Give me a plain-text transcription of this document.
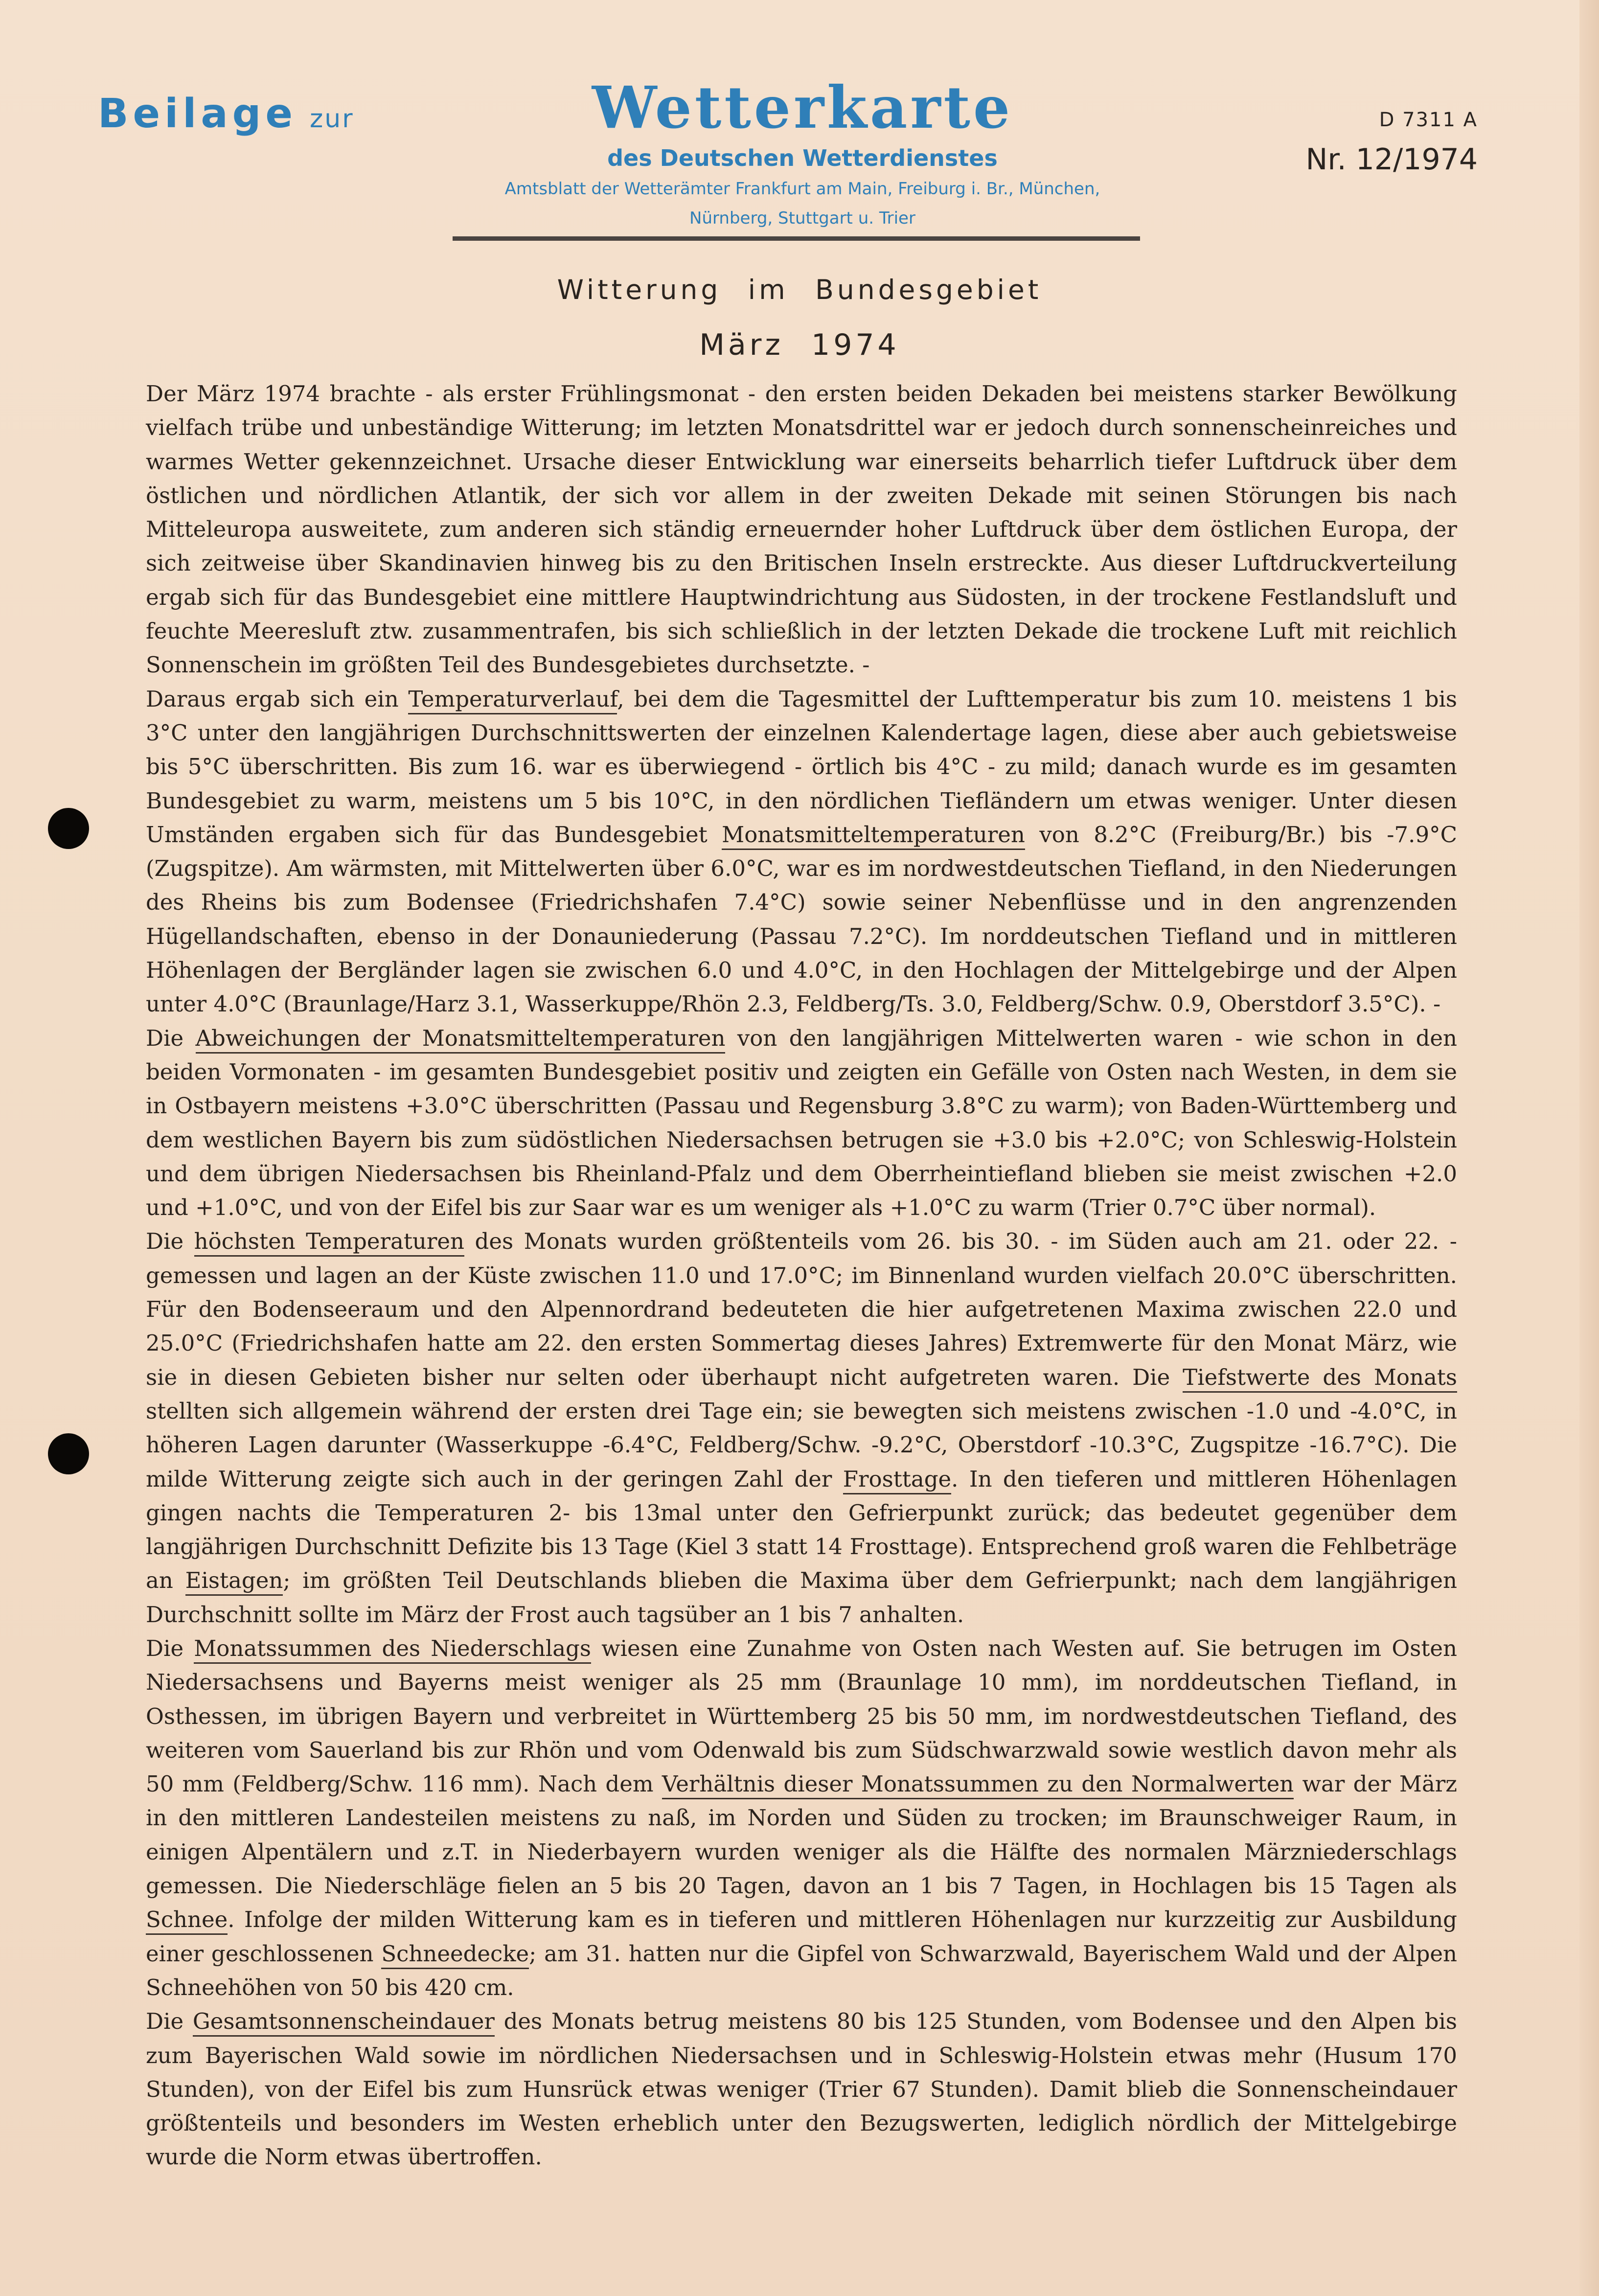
Beilage zur	Wetterkarte
des Deutschen Wetterdienstes
Amtsblatt der Wetterämter Frankfurt am Main, Freiburg i. Br., München,
Nürnberg, Stuttgart u. Trier
D 7311 A
Nr. 12/1974
Witterung im Bundesgebiet
März 1974

Der März 1974 brachte - als erster Frühlingsmonat - den ersten beiden Dekaden bei meistens starker Bewölkung vielfach trübe und unbeständige Witterung; im letzten Monatsdrittel war er jedoch durch sonnenscheinreiches und warmes Wetter gekennzeichnet. Ursache dieser Entwicklung war einerseits beharrlich tiefer Luftdruck über dem östlichen und nördlichen Atlantik, der sich vor allem in der zweiten Dekade mit seinen Störungen bis nach Mitteleuropa ausweitete, zum anderen sich ständig erneuernder hoher Luftdruck über dem östlichen Europa, der sich zeitweise über Skandinavien hinweg bis zu den Britischen Inseln erstreckte. Aus dieser Luftdruckverteilung ergab sich für das Bundesgebiet eine mittlere Hauptwindrichtung aus Südosten, in der trockene Festlandsluft und feuchte Meeresluft ztw. zusammentrafen, bis sich schließlich in der letzten Dekade die trockene Luft mit reichlich Sonnenschein im größten Teil des Bundesgebietes durchsetzte. -

Daraus ergab sich ein Temperaturverlauf, bei dem die Tagesmittel der Lufttemperatur bis zum 10. meistens 1 bis 3°C unter den langjährigen Durchschnittswerten der einzelnen Kalendertage lagen, diese aber auch gebietsweise bis 5°C überschritten. Bis zum 16. war es überwiegend - örtlich bis 4°C - zu mild; danach wurde es im gesamten Bundesgebiet zu warm, meistens um 5 bis 10°C, in den nördlichen Tiefländern um etwas weniger. Unter diesen Umständen ergaben sich für das Bundesgebiet Monatsmitteltemperaturen von 8.2°C (Freiburg/Br.) bis -7.9°C (Zugspitze). Am wärmsten, mit Mittelwerten über 6.0°C, war es im nordwestdeutschen Tiefland, in den Niederungen des Rheins bis zum Bodensee (Friedrichshafen 7.4°C) sowie seiner Nebenflüsse und in den angrenzenden Hügellandschaften, ebenso in der Donauniederung (Passau 7.2°C). Im norddeutschen Tiefland und in mittleren Höhenlagen der Bergländer lagen sie zwischen 6.0 und 4.0°C, in den Hochlagen der Mittelgebirge und der Alpen unter 4.0°C (Braunlage/Harz 3.1, Wasserkuppe/Rhön 2.3, Feldberg/Ts. 3.0, Feldberg/Schw. 0.9, Oberstdorf 3.5°C). -

Die Abweichungen der Monatsmitteltemperaturen von den langjährigen Mittelwerten waren - wie schon in den beiden Vormonaten - im gesamten Bundesgebiet positiv und zeigten ein Gefälle von Osten nach Westen, in dem sie in Ostbayern meistens +3.0°C überschritten (Passau und Regensburg 3.8°C zu warm); von Baden-Württemberg und dem westlichen Bayern bis zum südöstlichen Niedersachsen betrugen sie +3.0 bis +2.0°C; von Schleswig-Holstein und dem übrigen Niedersachsen bis Rheinland-Pfalz und dem Oberrheintiefland blieben sie meist zwischen +2.0 und +1.0°C, und von der Eifel bis zur Saar war es um weniger als +1.0°C zu warm (Trier 0.7°C über normal).

Die höchsten Temperaturen des Monats wurden größtenteils vom 26. bis 30. - im Süden auch am 21. oder 22. - gemessen und lagen an der Küste zwischen 11.0 und 17.0°C; im Binnenland wurden vielfach 20.0°C überschritten. Für den Bodenseeraum und den Alpennordrand bedeuteten die hier aufgetretenen Maxima zwischen 22.0 und 25.0°C (Friedrichshafen hatte am 22. den ersten Sommertag dieses Jahres) Extremwerte für den Monat März, wie sie in diesen Gebieten bisher nur selten oder überhaupt nicht aufgetreten waren. Die Tiefstwerte des Monats stellten sich allgemein während der ersten drei Tage ein; sie bewegten sich meistens zwischen -1.0 und -4.0°C, in höheren Lagen darunter (Wasserkuppe -6.4°C, Feldberg/Schw. -9.2°C, Oberstdorf -10.3°C, Zugspitze -16.7°C). Die milde Witterung zeigte sich auch in der geringen Zahl der Frosttage. In den tieferen und mittleren Höhenlagen gingen nachts die Temperaturen 2- bis 13mal unter den Gefrierpunkt zurück; das bedeutet gegenüber dem langjährigen Durchschnitt Defizite bis 13 Tage (Kiel 3 statt 14 Frosttage). Entsprechend groß waren die Fehlbeträge an Eistagen; im größten Teil Deutschlands blieben die Maxima über dem Gefrierpunkt; nach dem langjährigen Durchschnitt sollte im März der Frost auch tagsüber an 1 bis 7 anhalten.

Die Monatssummen des Niederschlags wiesen eine Zunahme von Osten nach Westen auf. Sie betrugen im Osten Niedersachsens und Bayerns meist weniger als 25 mm (Braunlage 10 mm), im norddeutschen Tiefland, in Osthessen, im übrigen Bayern und verbreitet in Württemberg 25 bis 50 mm, im nordwestdeutschen Tiefland, des weiteren vom Sauerland bis zur Rhön und vom Odenwald bis zum Südschwarzwald sowie westlich davon mehr als 50 mm (Feldberg/Schw. 116 mm). Nach dem Verhältnis dieser Monatssummen zu den Normalwerten war der März in den mittleren Landesteilen meistens zu naß, im Norden und Süden zu trocken; im Braunschweiger Raum, in einigen Alpentälern und z.T. in Niederbayern wurden weniger als die Hälfte des normalen Märzniederschlags gemessen. Die Niederschläge fielen an 5 bis 20 Tagen, davon an 1 bis 7 Tagen, in Hochlagen bis 15 Tagen als Schnee. Infolge der milden Witterung kam es in tieferen und mittleren Höhenlagen nur kurzzeitig zur Ausbildung einer geschlossenen Schneedecke; am 31. hatten nur die Gipfel von Schwarzwald, Bayerischem Wald und der Alpen Schneehöhen von 50 bis 420 cm.

Die Gesamtsonnenscheindauer des Monats betrug meistens 80 bis 125 Stunden, vom Bodensee und den Alpen bis zum Bayerischen Wald sowie im nördlichen Niedersachsen und in Schleswig-Holstein etwas mehr (Husum 170 Stunden), von der Eifel bis zum Hunsrück etwas weniger (Trier 67 Stunden). Damit blieb die Sonnenscheindauer größtenteils und besonders im Westen erheblich unter den Bezugswerten, lediglich nördlich der Mittelgebirge wurde die Norm etwas übertroffen.
